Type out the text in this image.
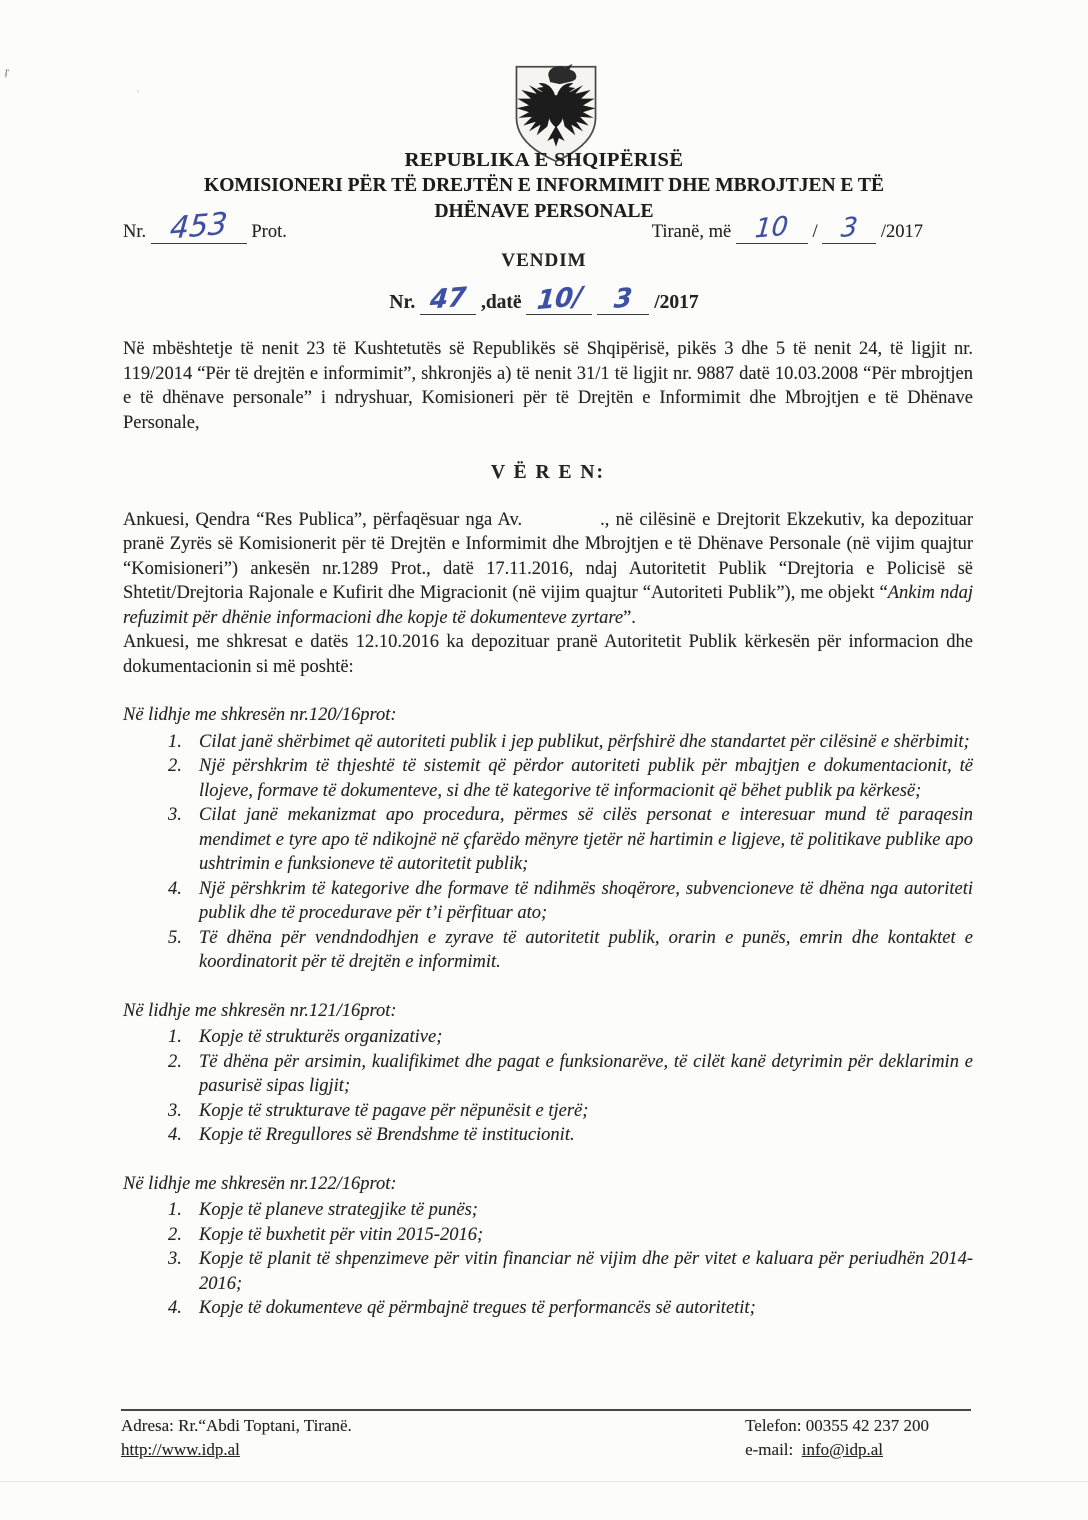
ŗ
·
REPUBLIKA E SHQIPËRISË
KOMISIONERI PËR TË DREJTËN E INFORMIMIT DHE MBROJTJEN E TË
DHËNAVE PERSONALE
Nr. 453 Prot.	Tiranë, më 10 / 3 /2017
VENDIM
Nr. 47 ,datë 10/ 3 /2017

Në mbështetje të nenit 23 të Kushtetutës së Republikës së Shqipërisë, pikës 3 dhe 5 të nenit 24, të ligjit nr. 119/2014 “Për të drejtën e informimit”, shkronjës a) të nenit 31/1 të ligjit nr. 9887 datë 10.03.2008 “Për mbrojtjen e të dhënave personale” i ndryshuar, Komisioneri për të Drejtën e Informimit dhe Mbrojtjen e të Dhënave Personale,

V Ë R E N:

Ankuesi, Qendra “Res Publica”, përfaqësuar nga Av.	., në cilësinë e Drejtorit Ekzekutiv, ka depozituar pranë Zyrës së Komisionerit për të Drejtën e Informimit dhe Mbrojtjen e të Dhënave Personale (në vijim quajtur “Komisioneri”) ankesën nr.1289 Prot., datë 17.11.2016, ndaj Autoritetit Publik “Drejtoria e Policisë së Shtetit/Drejtoria Rajonale e Kufirit dhe Migracionit (në vijim quajtur “Autoriteti Publik”), me objekt “Ankim ndaj refuzimit për dhënie informacioni dhe kopje të dokumenteve zyrtare”.

Ankuesi, me shkresat e datës 12.10.2016 ka depozituar pranë Autoritetit Publik kërkesën për informacion dhe dokumentacionin si më poshtë:

Në lidhje me shkresën nr.120/16prot:
1. Cilat janë shërbimet që autoriteti publik i jep publikut, përfshirë dhe standartet për cilësinë e shërbimit;
2. Një përshkrim të thjeshtë të sistemit që përdor autoriteti publik për mbajtjen e dokumentacionit, të llojeve, formave të dokumenteve, si dhe të kategorive të informacionit që bëhet publik pa kërkesë;
3. Cilat janë mekanizmat apo procedura, përmes së cilës personat e interesuar mund të paraqesin mendimet e tyre apo të ndikojnë në çfarëdo mënyre tjetër në hartimin e ligjeve, të politikave publike apo ushtrimin e funksioneve të autoritetit publik;
4. Një përshkrim të kategorive dhe formave të ndihmës shoqërore, subvencioneve të dhëna nga autoriteti publik dhe të procedurave për t’i përfituar ato;
5. Të dhëna për vendndodhjen e zyrave të autoritetit publik, orarin e punës, emrin dhe kontaktet e koordinatorit për të drejtën e informimit.
Në lidhje me shkresën nr.121/16prot:
1. Kopje të strukturës organizative;
2. Të dhëna për arsimin, kualifikimet dhe pagat e funksionarëve, të cilët kanë detyrimin për deklarimin e pasurisë sipas ligjit;
3. Kopje të strukturave të pagave për nëpunësit e tjerë;
4. Kopje të Rregullores së Brendshme të institucionit.
Në lidhje me shkresën nr.122/16prot:
1. Kopje të planeve strategjike të punës;
2. Kopje të buxhetit për vitin 2015-2016;
3. Kopje të planit të shpenzimeve për vitin financiar në vijim dhe për vitet e kaluara për periudhën 2014-2016;
4. Kopje të dokumenteve që përmbajnë tregues të performancës së autoritetit;
Adresa: Rr.“Abdi Toptani, Tiranë.
http://www.idp.al
Telefon: 00355 42 237 200
e-mail: info@idp.al
